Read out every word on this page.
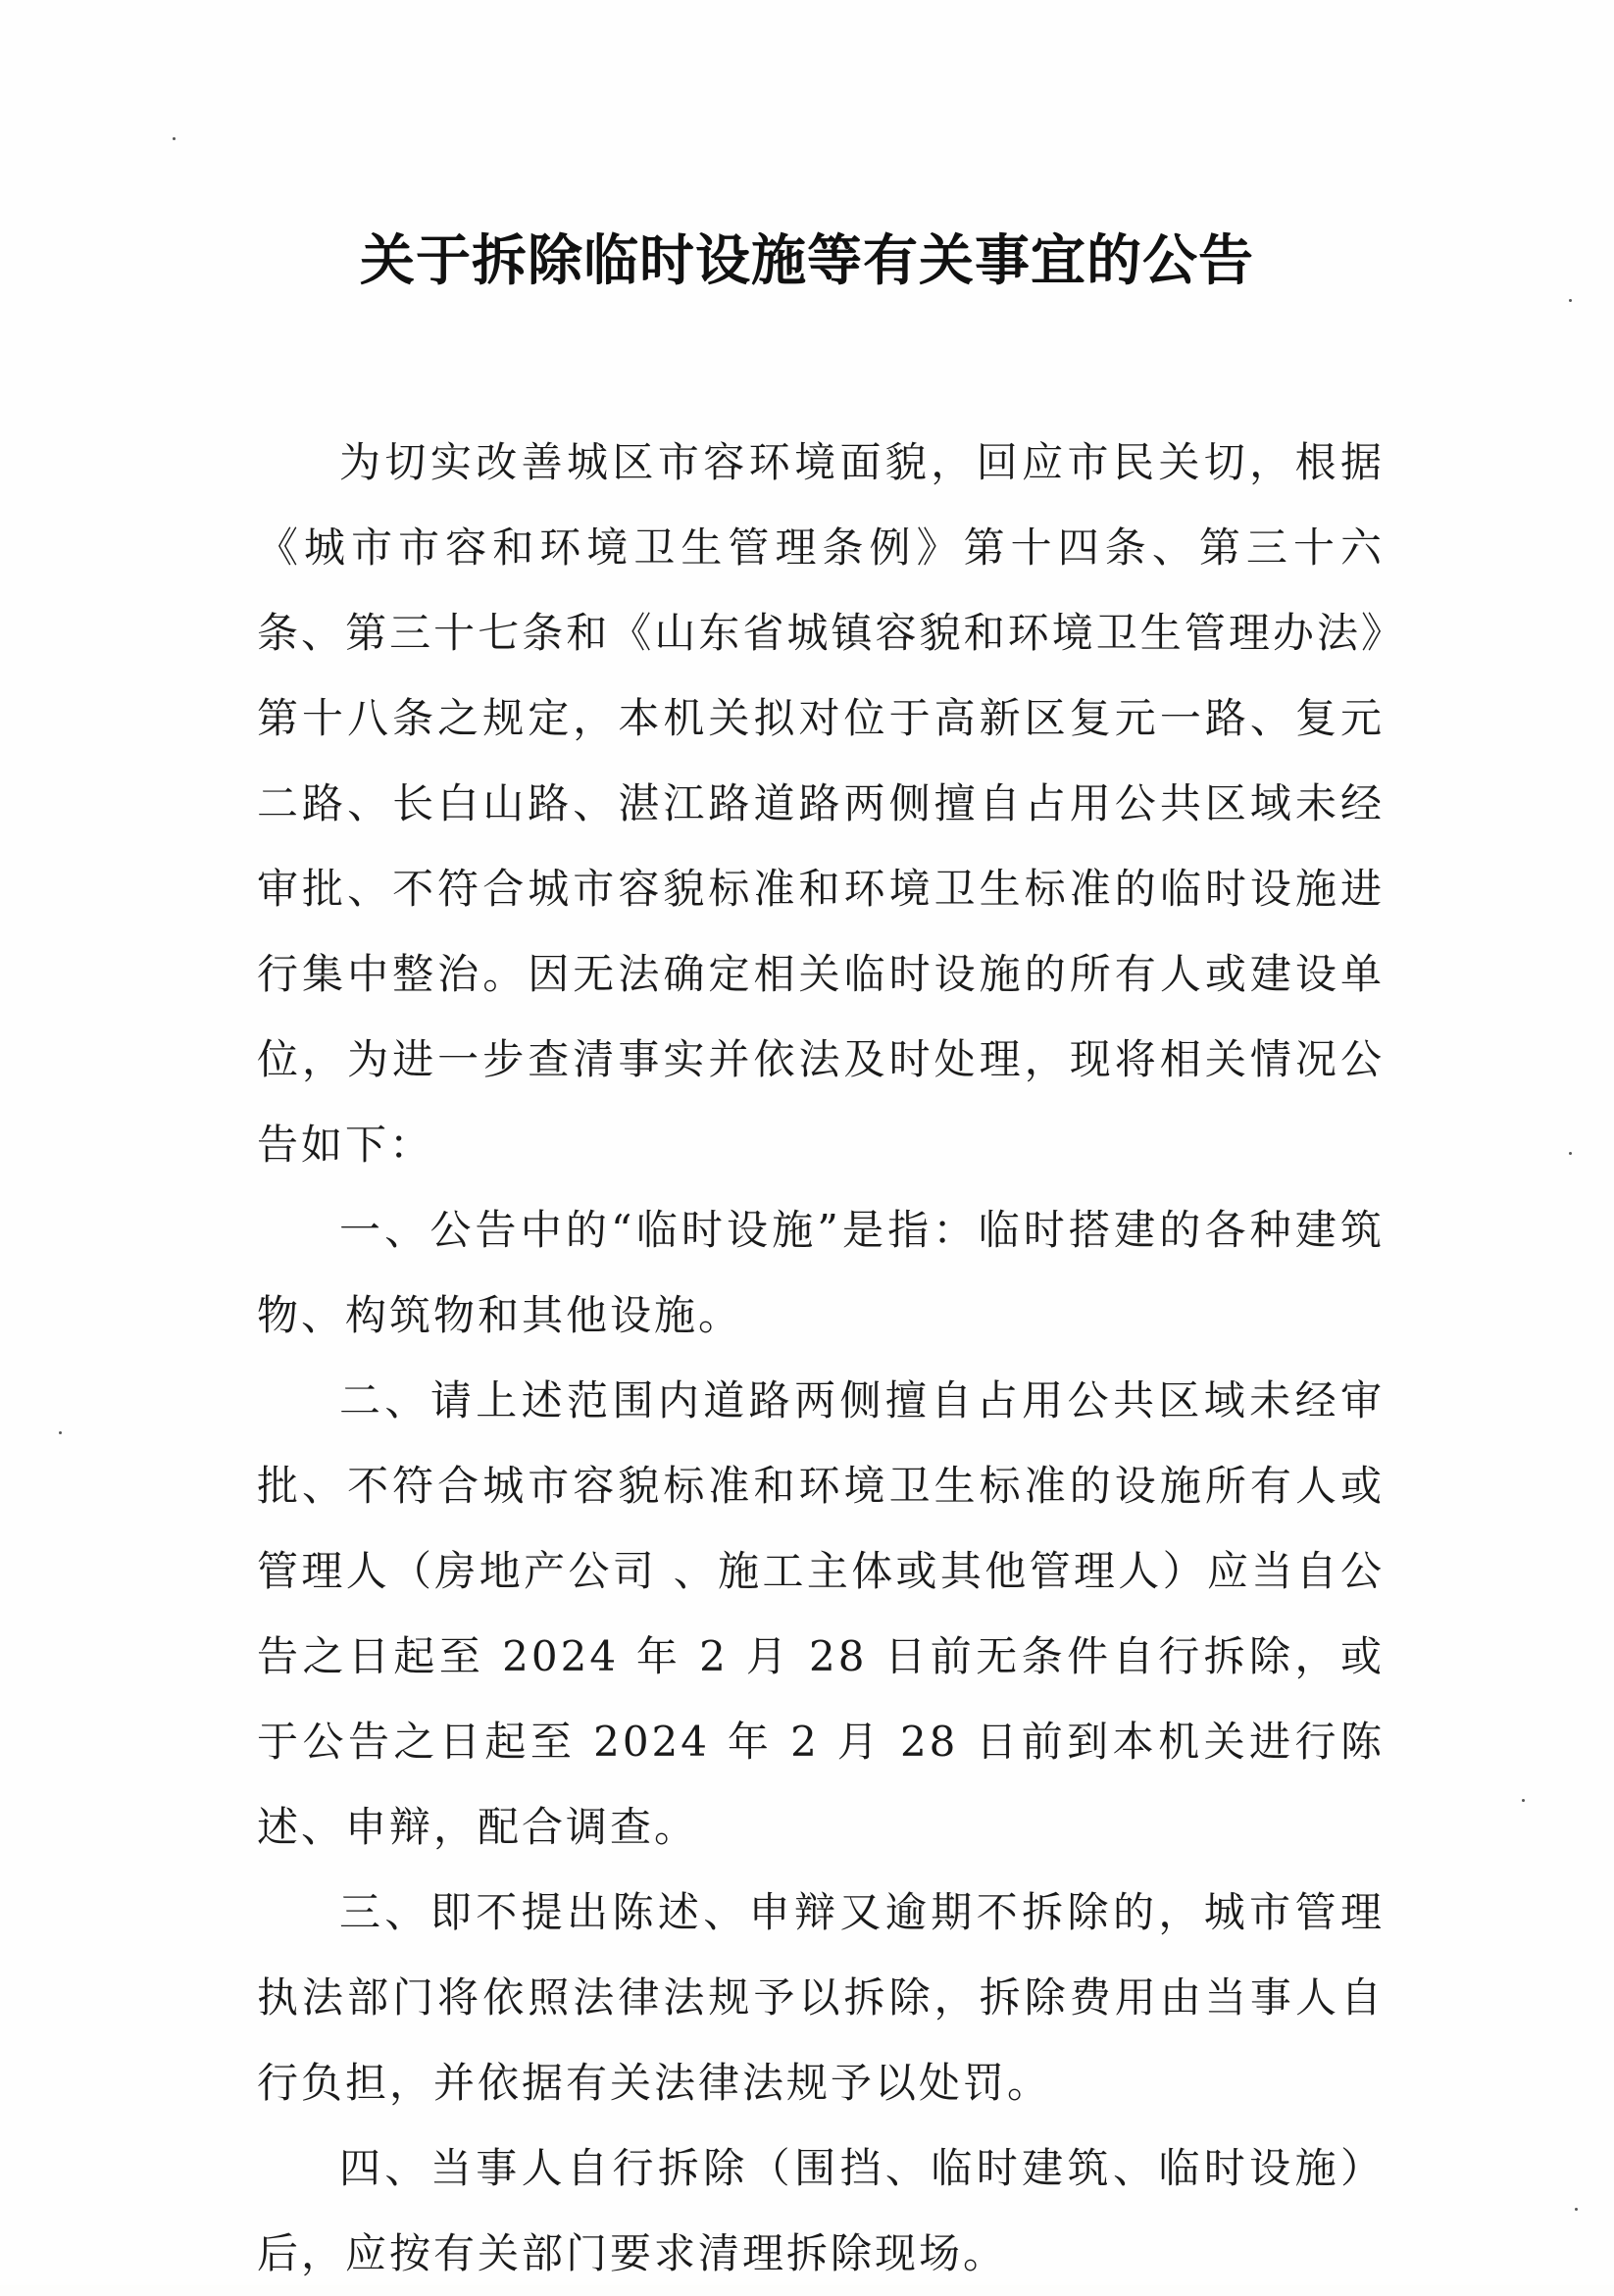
关于拆除临时设施等有关事宜的公告

为切实改善城区市容环境面貌，回应市民关切，根据《城市市容和环境卫生管理条例》第十四条、第三十六条、第三十七条和《山东省城镇容貌和环境卫生管理办法》第十八条之规定，本机关拟对位于高新区复元一路、复元二路、长白山路、湛江路道路两侧擅自占用公共区域未经审批、不符合城市容貌标准和环境卫生标准的临时设施进行集中整治。因无法确定相关临时设施的所有人或建设单位，为进一步查清事实并依法及时处理，现将相关情况公告如下：

一、公告中的“临时设施”是指：临时搭建的各种建筑物、构筑物和其他设施。

二、请上述范围内道路两侧擅自占用公共区域未经审批、不符合城市容貌标准和环境卫生标准的设施所有人或管理人（房地产公司 、施工主体或其他管理人）应当自公告之日起至 2024 年 2 月 28 日前无条件自行拆除，或于公告之日起至 2024 年 2 月 28 日前到本机关进行陈述、申辩，配合调查。

三、即不提出陈述、申辩又逾期不拆除的，城市管理执法部门将依照法律法规予以拆除，拆除费用由当事人自行负担，并依据有关法律法规予以处罚。

四、当事人自行拆除（围挡、临时建筑、临时设施）后，应按有关部门要求清理拆除现场。
